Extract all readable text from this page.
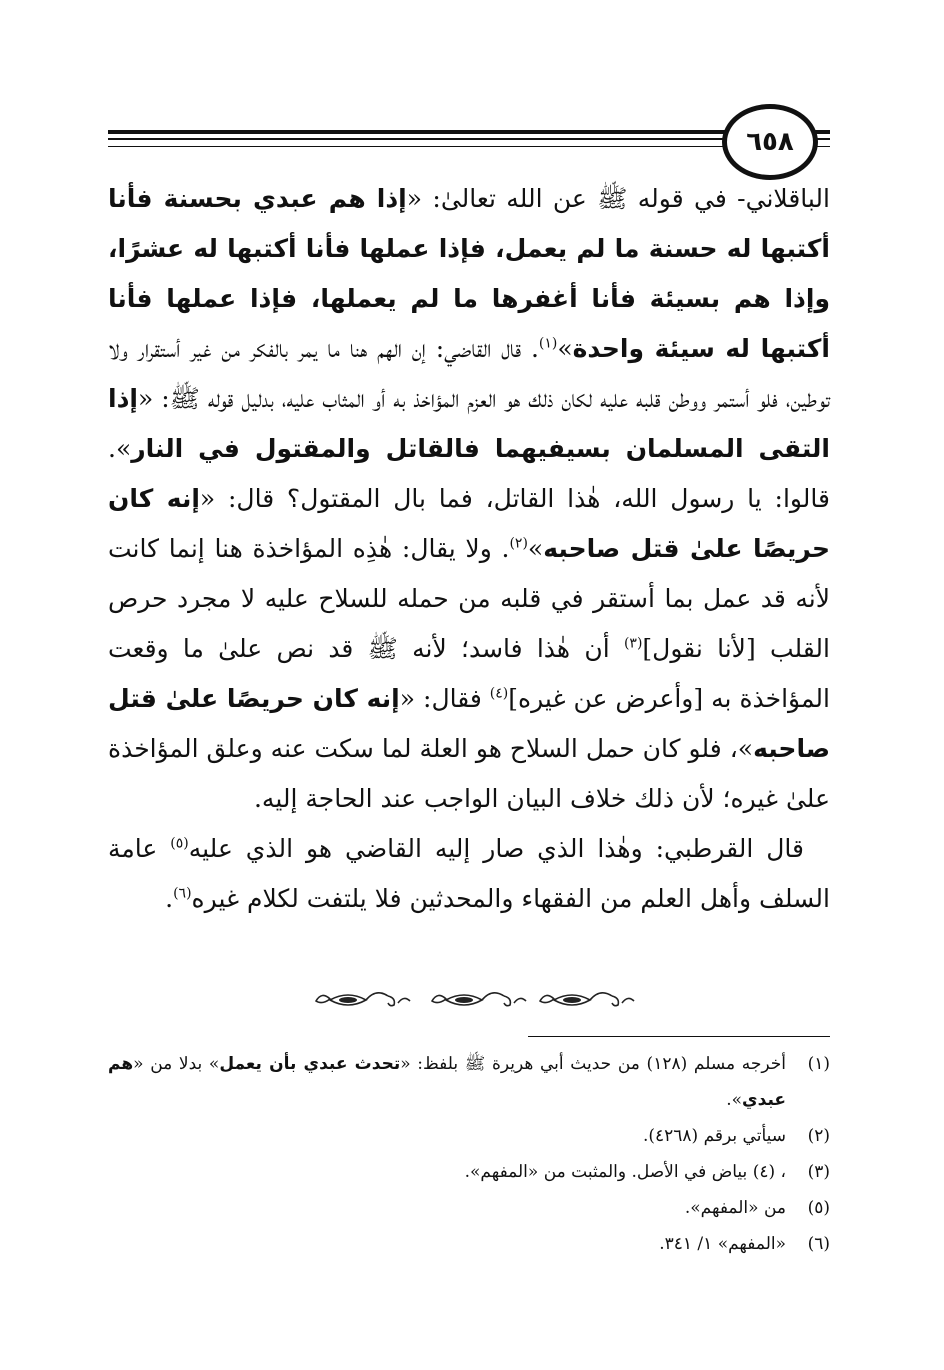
٦٥٨

الباقلاني- في قوله ﷺ عن الله تعالىٰ: «إذا هم عبدي بحسنة فأنا أكتبها له حسنة ما لم يعمل، فإذا عملها فأنا أكتبها له عشرًا، وإذا هم بسيئة فأنا أغفرها ما لم يعملها، فإذا عملها فأنا أكتبها له سيئة واحدة»$^{(١)}$. قال القاضي: إن الهم هنا ما يمر بالفكر من غير أستقرار ولا توطين، فلو أستمر ووطن قلبه عليه لكان ذلك هو العزم المؤاخذ به أو المثاب عليه، بدليل قوله ﷺ: «إذا التقى المسلمان بسيفيهما فالقاتل والمقتول في النار». قالوا: يا رسول الله، هٰذا القاتل، فما بال المقتول؟ قال: «إنه كان حريصًا علىٰ قتل صاحبه»$^{(٢)}$. ولا يقال: هٰذِه المؤاخذة هنا إنما كانت لأنه قد عمل بما أستقر في قلبه من حمله للسلاح عليه لا مجرد حرص القلب [لأنا نقول]$^{(٣)}$ أن هٰذا فاسد؛ لأنه ﷺ قد نص علىٰ ما وقعت المؤاخذة به [وأعرض عن غيره]$^{(٤)}$ فقال: «إنه كان حريصًا علىٰ قتل صاحبه»، فلو كان حمل السلاح هو العلة لما سكت عنه وعلق المؤاخذة علىٰ غيره؛ لأن ذلك خلاف البيان الواجب عند الحاجة إليه.

قال القرطبي: وهٰذا الذي صار إليه القاضي هو الذي عليه$^{(٥)}$ عامة السلف وأهل العلم من الفقهاء والمحدثين فلا يلتفت لكلام غيره$^{(٦)}$.

(١)
أخرجه مسلم (١٢٨) من حديث أبي هريرة ﷺ بلفظ: «تحدث عبدي بأن يعمل» بدلا من «هم عبدي».
(٢)
سيأتي برقم (٤٢٦٨).
(٣)
، (٤) بياض في الأصل. والمثبت من «المفهم».
(٥)
من «المفهم».
(٦)
«المفهم» ١/ ٣٤١.
